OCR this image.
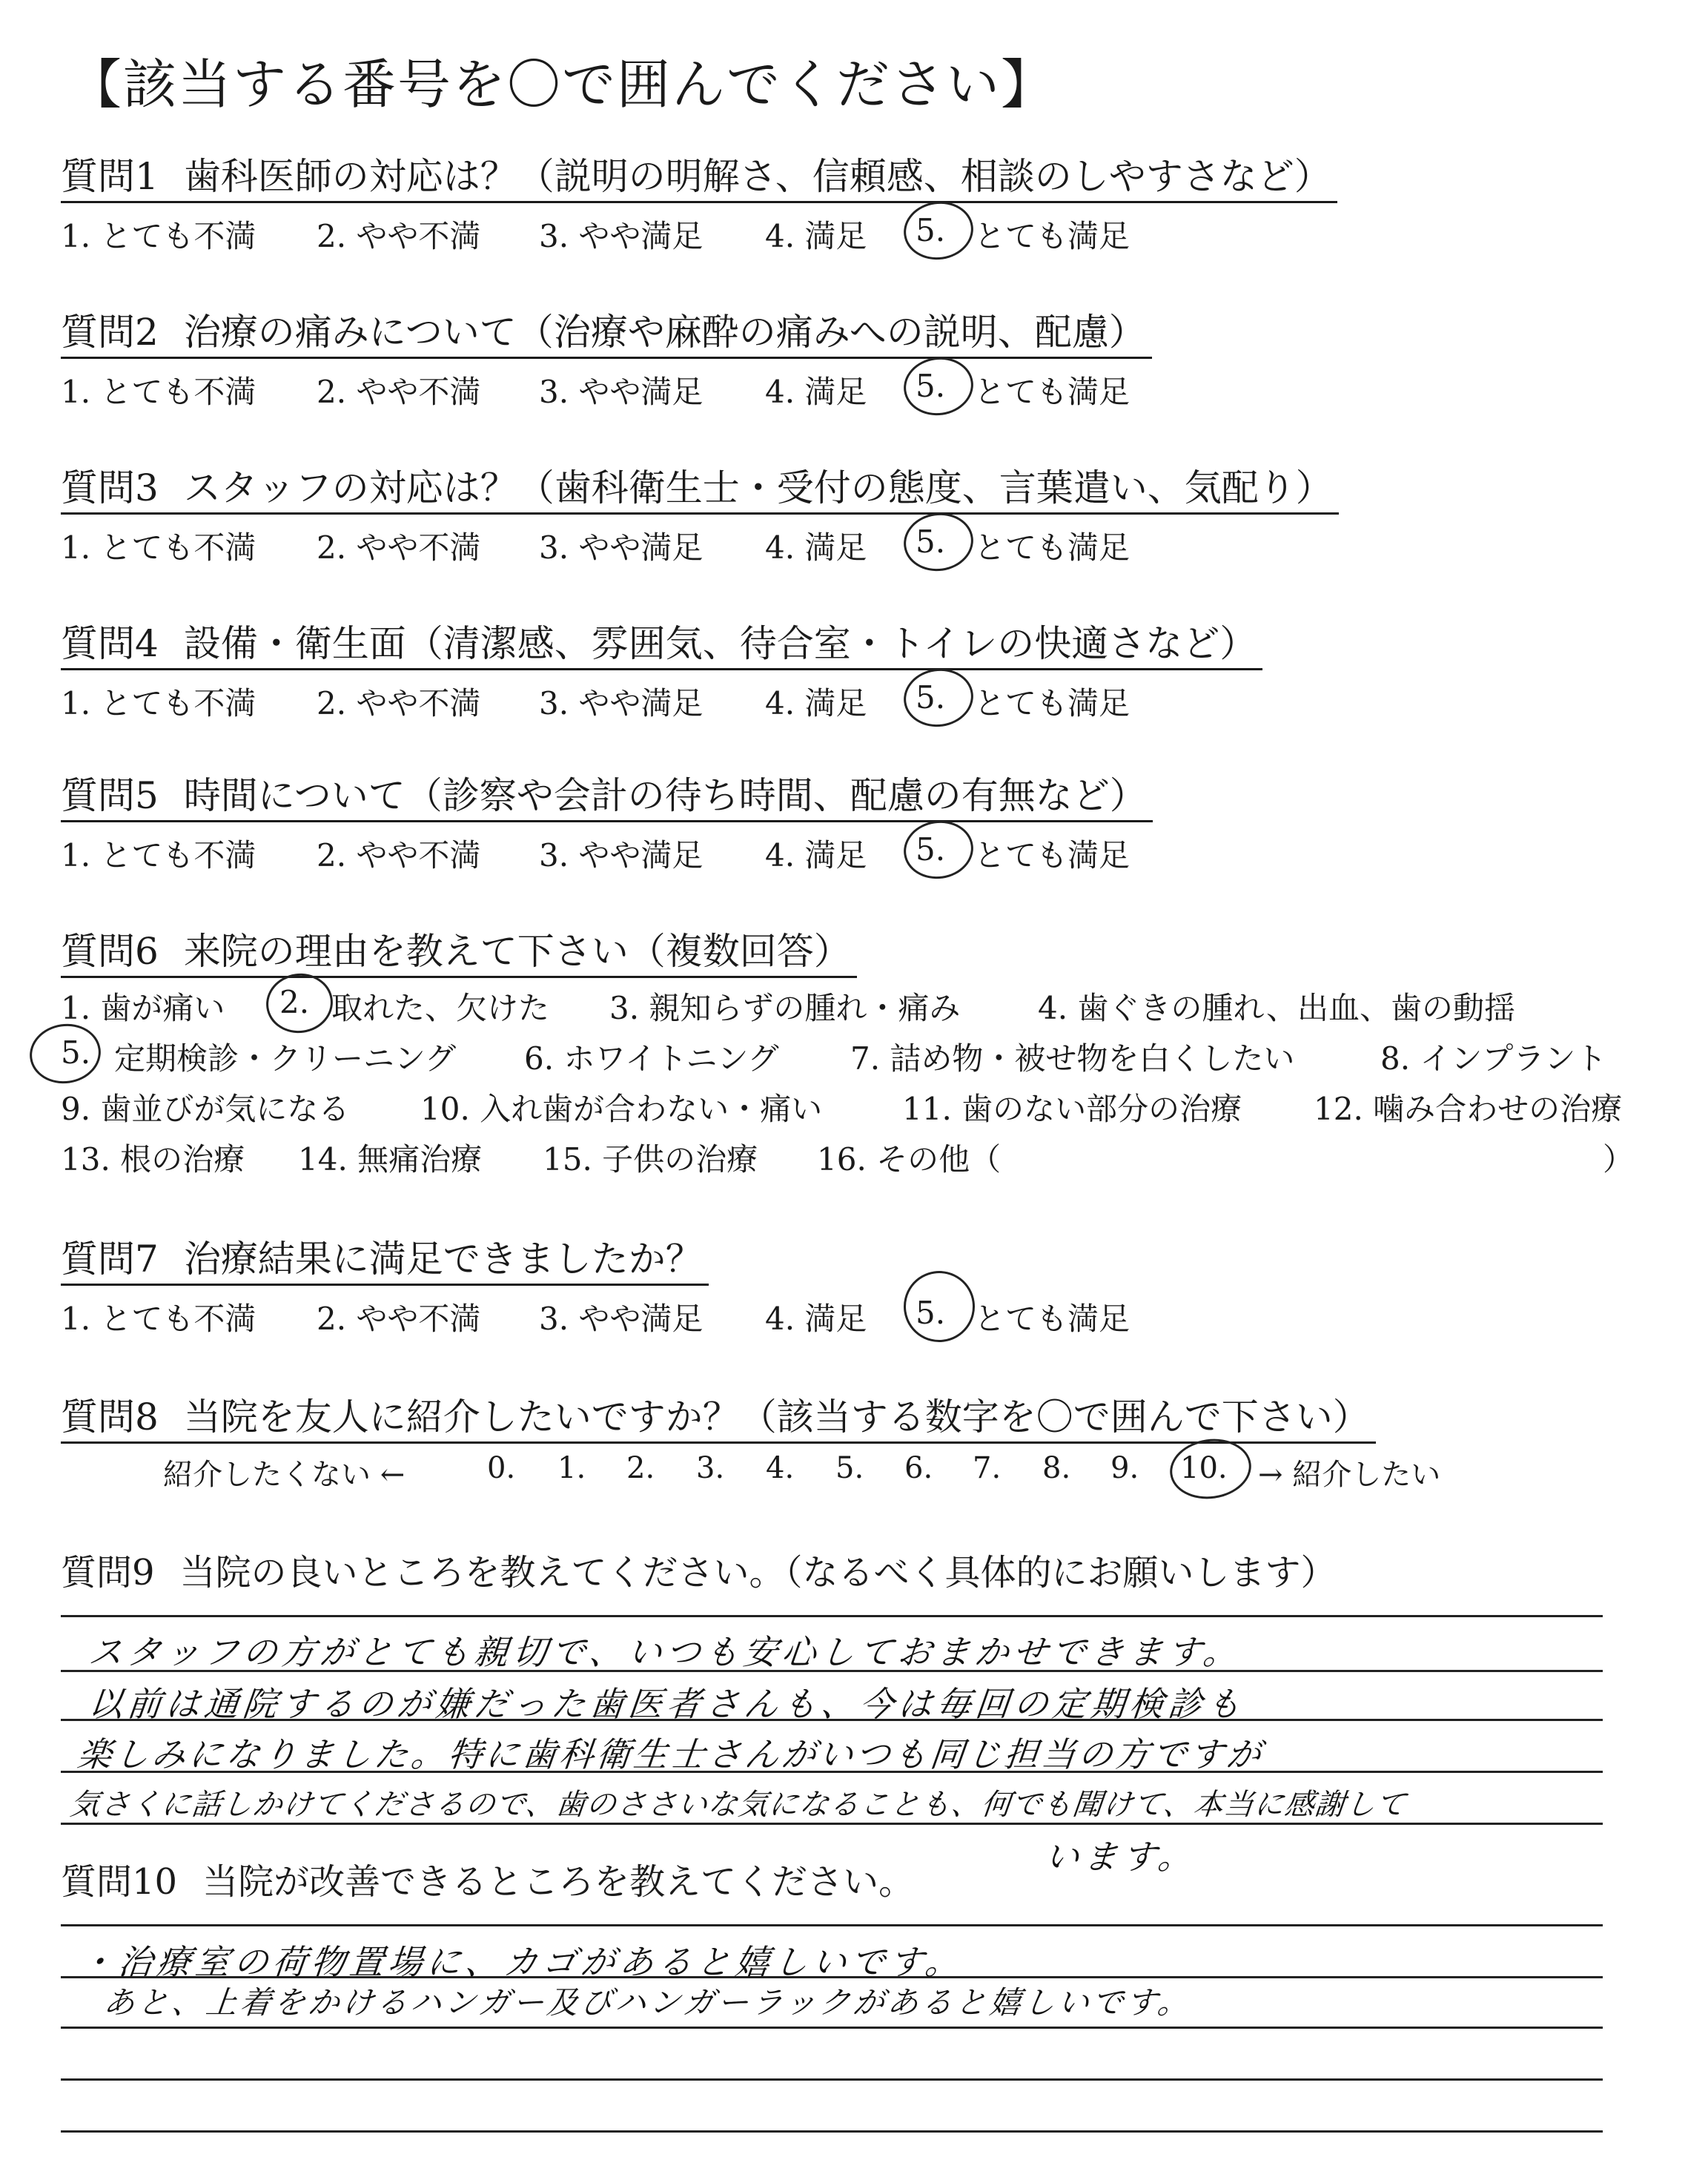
【該当する番号を〇で囲んでください】
質問1 歯科医師の対応は？（説明の明解さ、信頼感、相談のしやすさなど）
1. とても不満 2. やや不満 3. やや満足 4. 満足 5. とても満足
質問2 治療の痛みについて（治療や麻酔の痛みへの説明、配慮）
1. とても不満 2. やや不満 3. やや満足 4. 満足 5. とても満足
質問3 スタッフの対応は？（歯科衛生士・受付の態度、言葉遣い、気配り）
1. とても不満 2. やや不満 3. やや満足 4. 満足 5. とても満足
質問4 設備・衛生面（清潔感、雰囲気、待合室・トイレの快適さなど）
1. とても不満 2. やや不満 3. やや満足 4. 満足 5. とても満足
質問5 時間について（診察や会計の待ち時間、配慮の有無など）
1. とても不満 2. やや不満 3. やや満足 4. 満足 5. とても満足
質問6 来院の理由を教えて下さい（複数回答）
1. 歯が痛い 2. 取れた、欠けた 3. 親知らずの腫れ・痛み 4. 歯ぐきの腫れ、出血、歯の動揺
5. 定期検診・クリーニング 6. ホワイトニング 7. 詰め物・被せ物を白くしたい	8. インプラント
9. 歯並びが気になる 10. 入れ歯が合わない・痛い	11. 歯のない部分の治療 12. 噛み合わせの治療
13. 根の治療 14. 無痛治療 15. 子供の治療 16. その他（	）
質問7 治療結果に満足できましたか？
1. とても不満 2. やや不満 3. やや満足 4. 満足 5. とても満足
質問8 当院を友人に紹介したいですか？（該当する数字を〇で囲んで下さい）
紹介したくない ←	0. 1. 2. 3. 4. 5. 6. 7. 8. 9. 10. → 紹介したい
質問9 当院の良いところを教えてください。（なるべく具体的にお願いします）
スタッフの方がとても親切で、いつも安心しておまかせできます。
以前は通院するのが嫌だった歯医者さんも、今は毎回の定期検診も
楽しみになりました。特に歯科衛生士さんがいつも同じ担当の方ですが
気さくに話しかけてくださるので、歯のささいな気になることも、何でも聞けて、本当に感謝して
います。
質問10 当院が改善できるところを教えてください。
・治療室の荷物置場に、カゴがあると嬉しいです。
あと、上着をかけるハンガー及びハンガーラックがあると嬉しいです。
